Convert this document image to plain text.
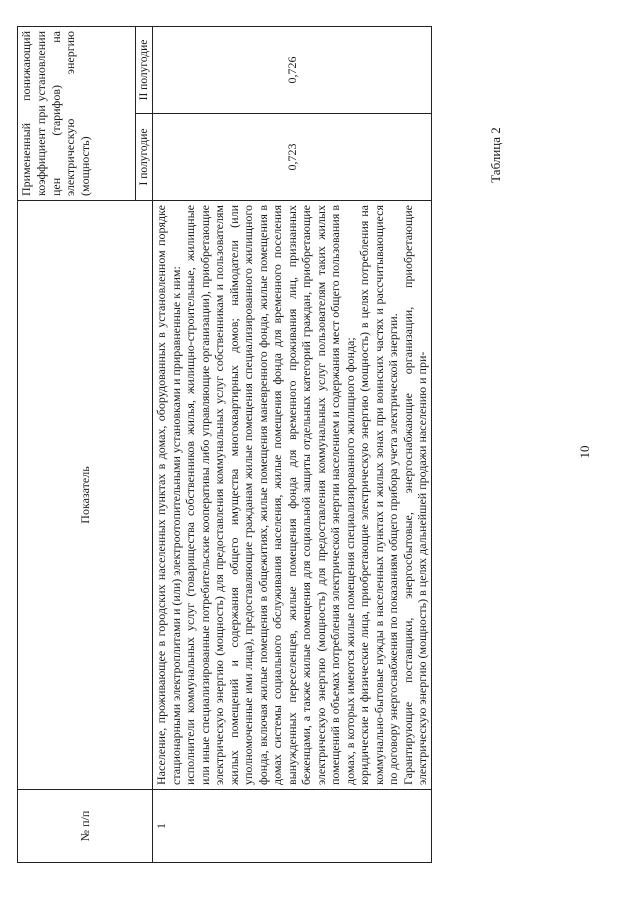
10
Таблица 2
№ п/п	Показатель	Примененный понижающий коэффициент при установлении цен (тарифов) на электрическую энергию (мощность)	
		I полугодие	II полугодие
1	Население, проживающее в городских населенных пунктах в домах, оборудованных в установленном порядке стационарными электроплитами и (или) электроотопительными установками и приравненные к ним: исполнители коммунальных услуг (товарищества собственников жилья, жилищно-строительные, жилищные или иные специализированные потребительские кооперативы либо управляющие организации), приобретающие электрическую энергию (мощность) для предоставления коммунальных услуг собственникам и пользователям жилых помещений и содержания общего имущества многоквартирных домов; наймодатели (или уполномоченные ими лица), предоставляющие гражданам жилые помещения специализированного жилищного фонда, включая жилые помещения в общежитиях, жилые помещения маневренного фонда, жилые помещения в домах системы социального обслуживания населения, жилые помещения фонда для временного поселения вынужденных переселенцев, жилые помещения фонда для временного проживания лиц, признанных беженцами, а также жилые помещения для социальной защиты отдельных категорий граждан, приобретающие электрическую энергию (мощность) для предоставления коммунальных услуг пользователям таких жилых помещений в объемах потребления электрической энергии населением и содержания мест общего пользования в домах, в которых имеются жилые помещения специализированного жилищного фонда; юридические и физические лица, приобретающие электрическую энергию (мощность) в целях потребления на коммунально-бытовые нужды в населенных пунктах и жилых зонах при воинских частях и рассчитывающиеся по договору энергоснабжения по показаниям общего прибора учета электрической энергии. Гарантирующие поставщики, энергосбытовые, энергоснабжающие организации, приобретающие электрическую энергию (мощность) в целях дальнейшей продажи населению и при-	0,723	0,726
